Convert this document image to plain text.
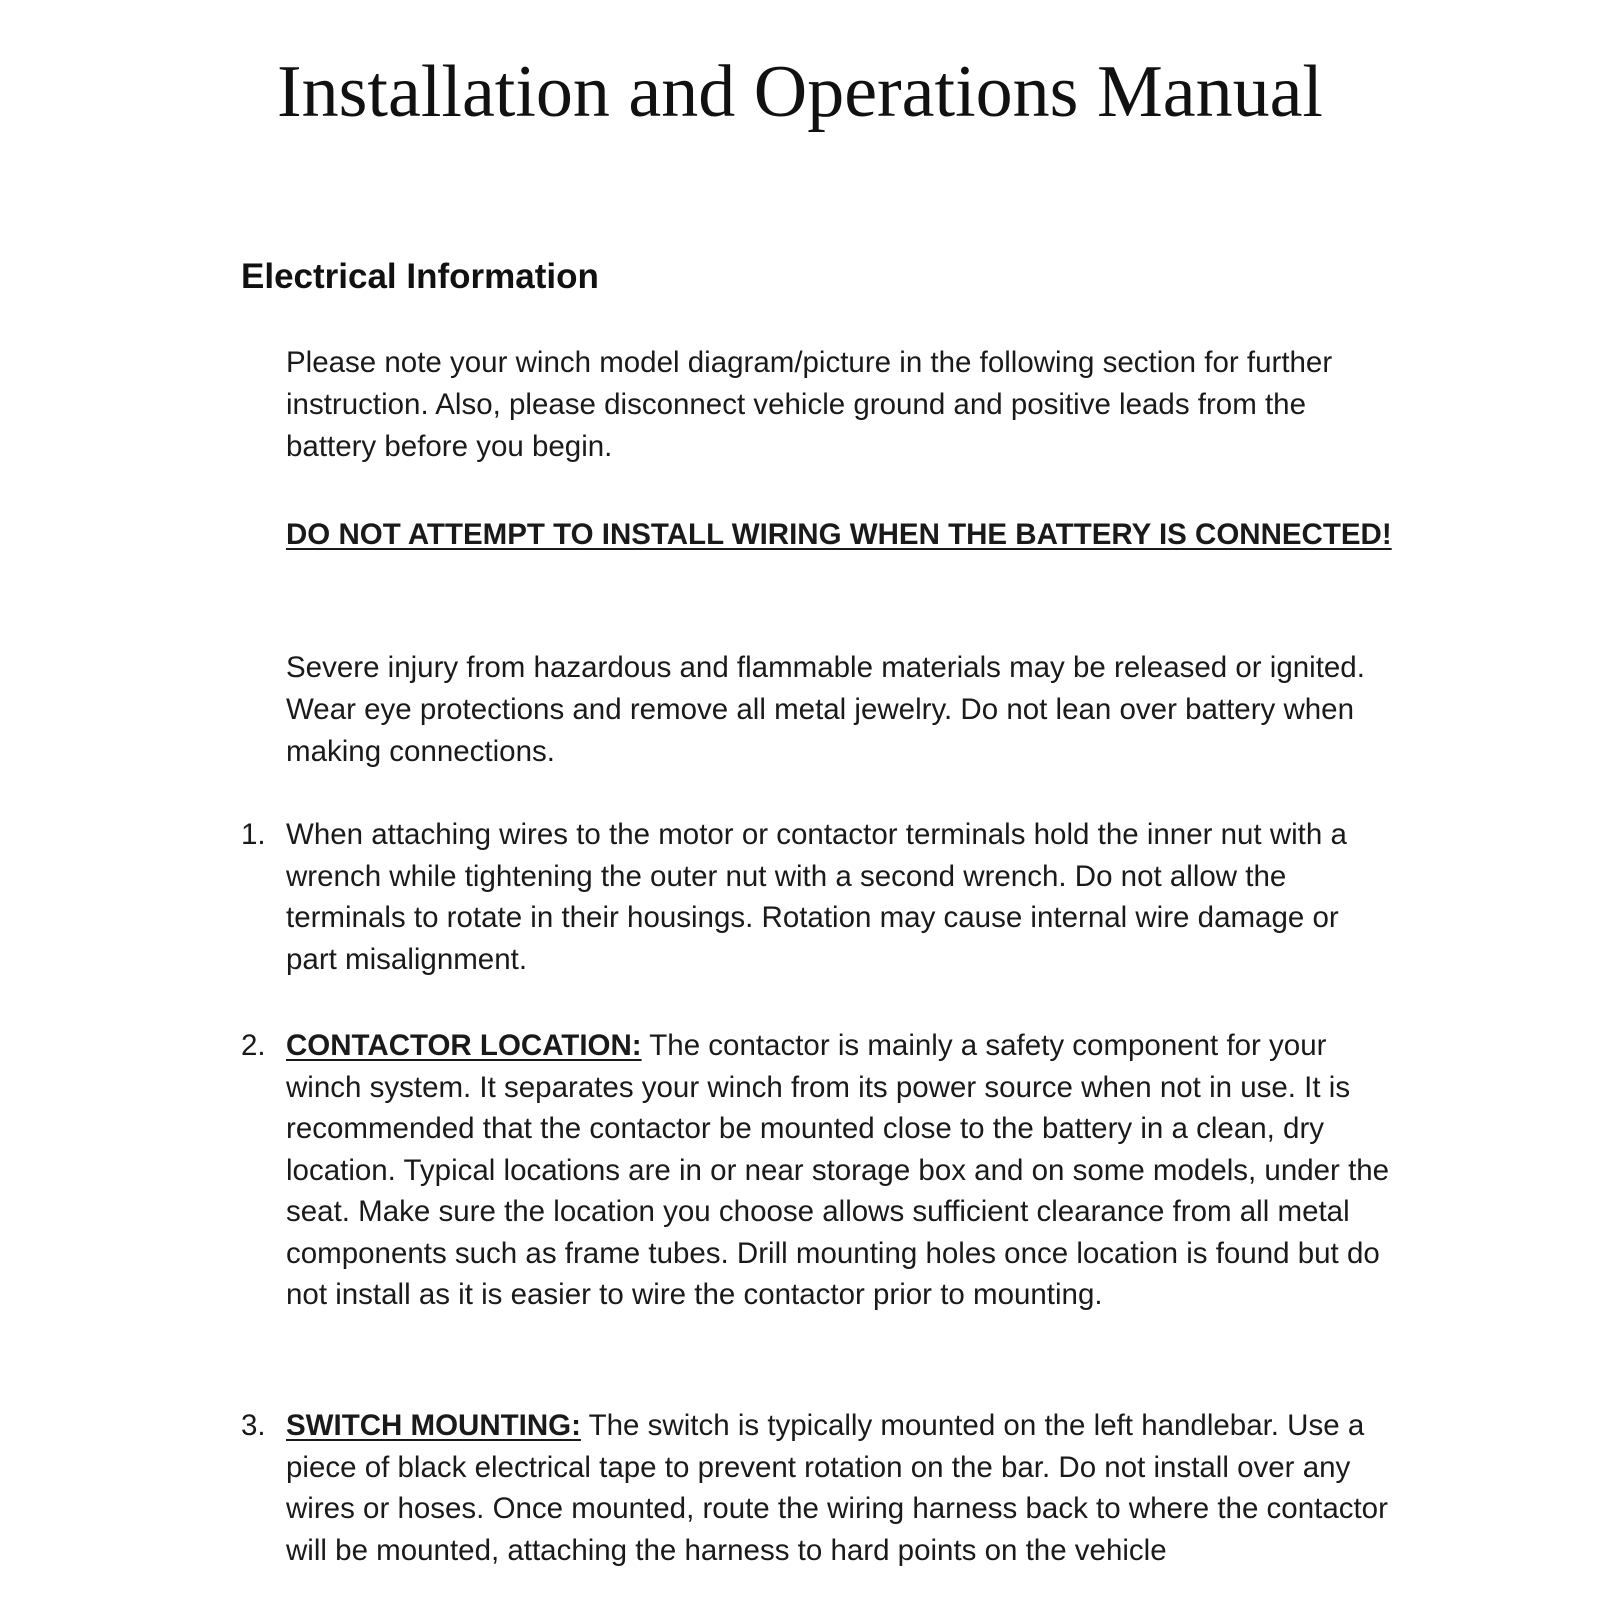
Installation and Operations Manual
Electrical Information

Please note your winch model diagram/picture in the following section for further instruction. Also, please disconnect vehicle ground and positive leads from the battery before you begin.

DO NOT ATTEMPT TO INSTALL WIRING WHEN THE BATTERY IS CONNECTED!

Severe injury from hazardous and flammable materials may be released or ignited. Wear eye protections and remove all metal jewelry. Do not lean over battery when making connections.

1. When attaching wires to the motor or contactor terminals hold the inner nut with a wrench while tightening the outer nut with a second wrench. Do not allow the terminals to rotate in their housings. Rotation may cause internal wire damage or part misalignment.
2. CONTACTOR LOCATION: The contactor is mainly a safety component for your winch system. It separates your winch from its power source when not in use. It is recommended that the contactor be mounted close to the battery in a clean, dry location. Typical locations are in or near storage box and on some models, under the seat. Make sure the location you choose allows sufficient clearance from all metal components such as frame tubes. Drill mounting holes once location is found but do not install as it is easier to wire the contactor prior to mounting.
3. SWITCH MOUNTING: The switch is typically mounted on the left handlebar. Use a piece of black electrical tape to prevent rotation on the bar. Do not install over any wires or hoses. Once mounted, route the wiring harness back to where the contactor will be mounted, attaching the harness to hard points on the vehicle
